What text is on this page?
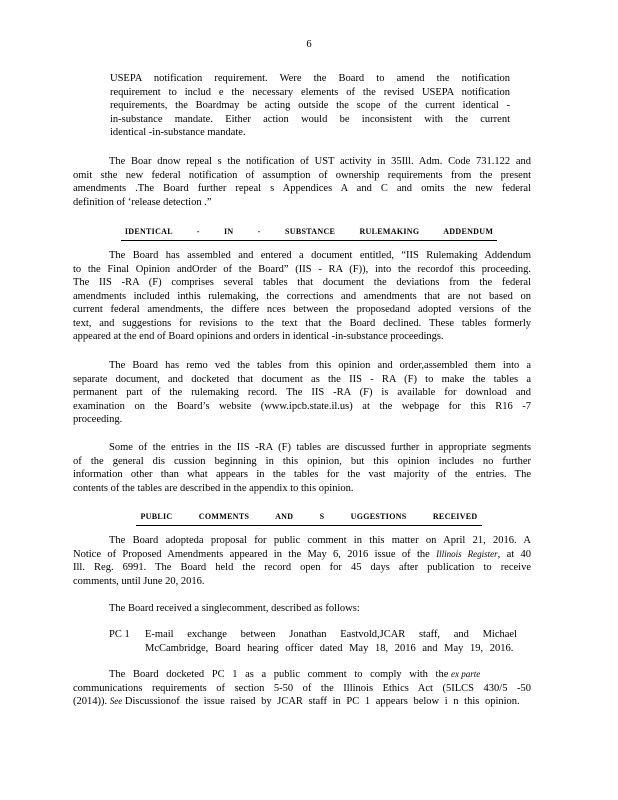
6
USEPA notification requirement. Were the Board to amend the notification
requirement to includ e the necessary elements of the revised USEPA notification
requirements, the Boardmay be acting outside the scope of the current identical -
in-substance mandate. Either action would be inconsistent with the current
identical -in-substance mandate.
The Boar dnow repeal s the notification of UST activity in 35Ill. Adm. Code 731.122 and
omit sthe new federal notification of assumption of ownership requirements from the present
amendments .The Board further repeal s Appendices A and C and omits the new federal
definition of ‘release detection .”
IDENTICAL - IN - SUBSTANCE RULEMAKING ADDENDUM
The Board has assembled and entered a document entitled, “IIS Rulemaking Addendum
to the Final Opinion andOrder of the Board” (IIS - RA (F)), into the recordof this proceeding.
The IIS -RA (F) comprises several tables that document the deviations from the federal
amendments included inthis rulemaking, the corrections and amendments that are not based on
current federal amendments, the differe nces between the proposedand adopted versions of the
text, and suggestions for revisions to the text that the Board declined. These tables formerly
appeared at the end of Board opinions and orders in identical -in-substance proceedings.
The Board has remo ved the tables from this opinion and order,assembled them into a
separate document, and docketed that document as the IIS - RA (F) to make the tables a
permanent part of the rulemaking record. The IIS -RA (F) is available for download and
examination on the Board’s website (www.ipcb.state.il.us) at the webpage for this R16 -7
proceeding.
Some of the entries in the IIS -RA (F) tables are discussed further in appropriate segments
of the general dis cussion beginning in this opinion, but this opinion includes no further
information other than what appears in the tables for the vast majority of the entries. The
contents of the tables are described in the appendix to this opinion.
PUBLIC COMMENTS AND S UGGESTIONS RECEIVED
The Board adopteda proposal for public comment in this matter on April 21, 2016. A
Notice of Proposed Amendments appeared in the May 6, 2016 issue of the Illinois Register, at 40
Ill. Reg. 6991. The Board held the record open for 45 days after publication to receive
comments, until June 20, 2016.
The Board received a singlecomment, described as follows:
PC 1 E-mail exchange between Jonathan Eastvold,JCAR staff, and Michael
McCambridge, Board hearing officer dated May 18, 2016 and May 19, 2016.
The Board docketed PC 1 as a public comment to comply with the ex parte
communications requirements of section 5-50 of the Illinois Ethics Act (5ILCS 430/5 -50
(2014)). See Discussionof the issue raised by JCAR staff in PC 1 appears below i n this opinion.
